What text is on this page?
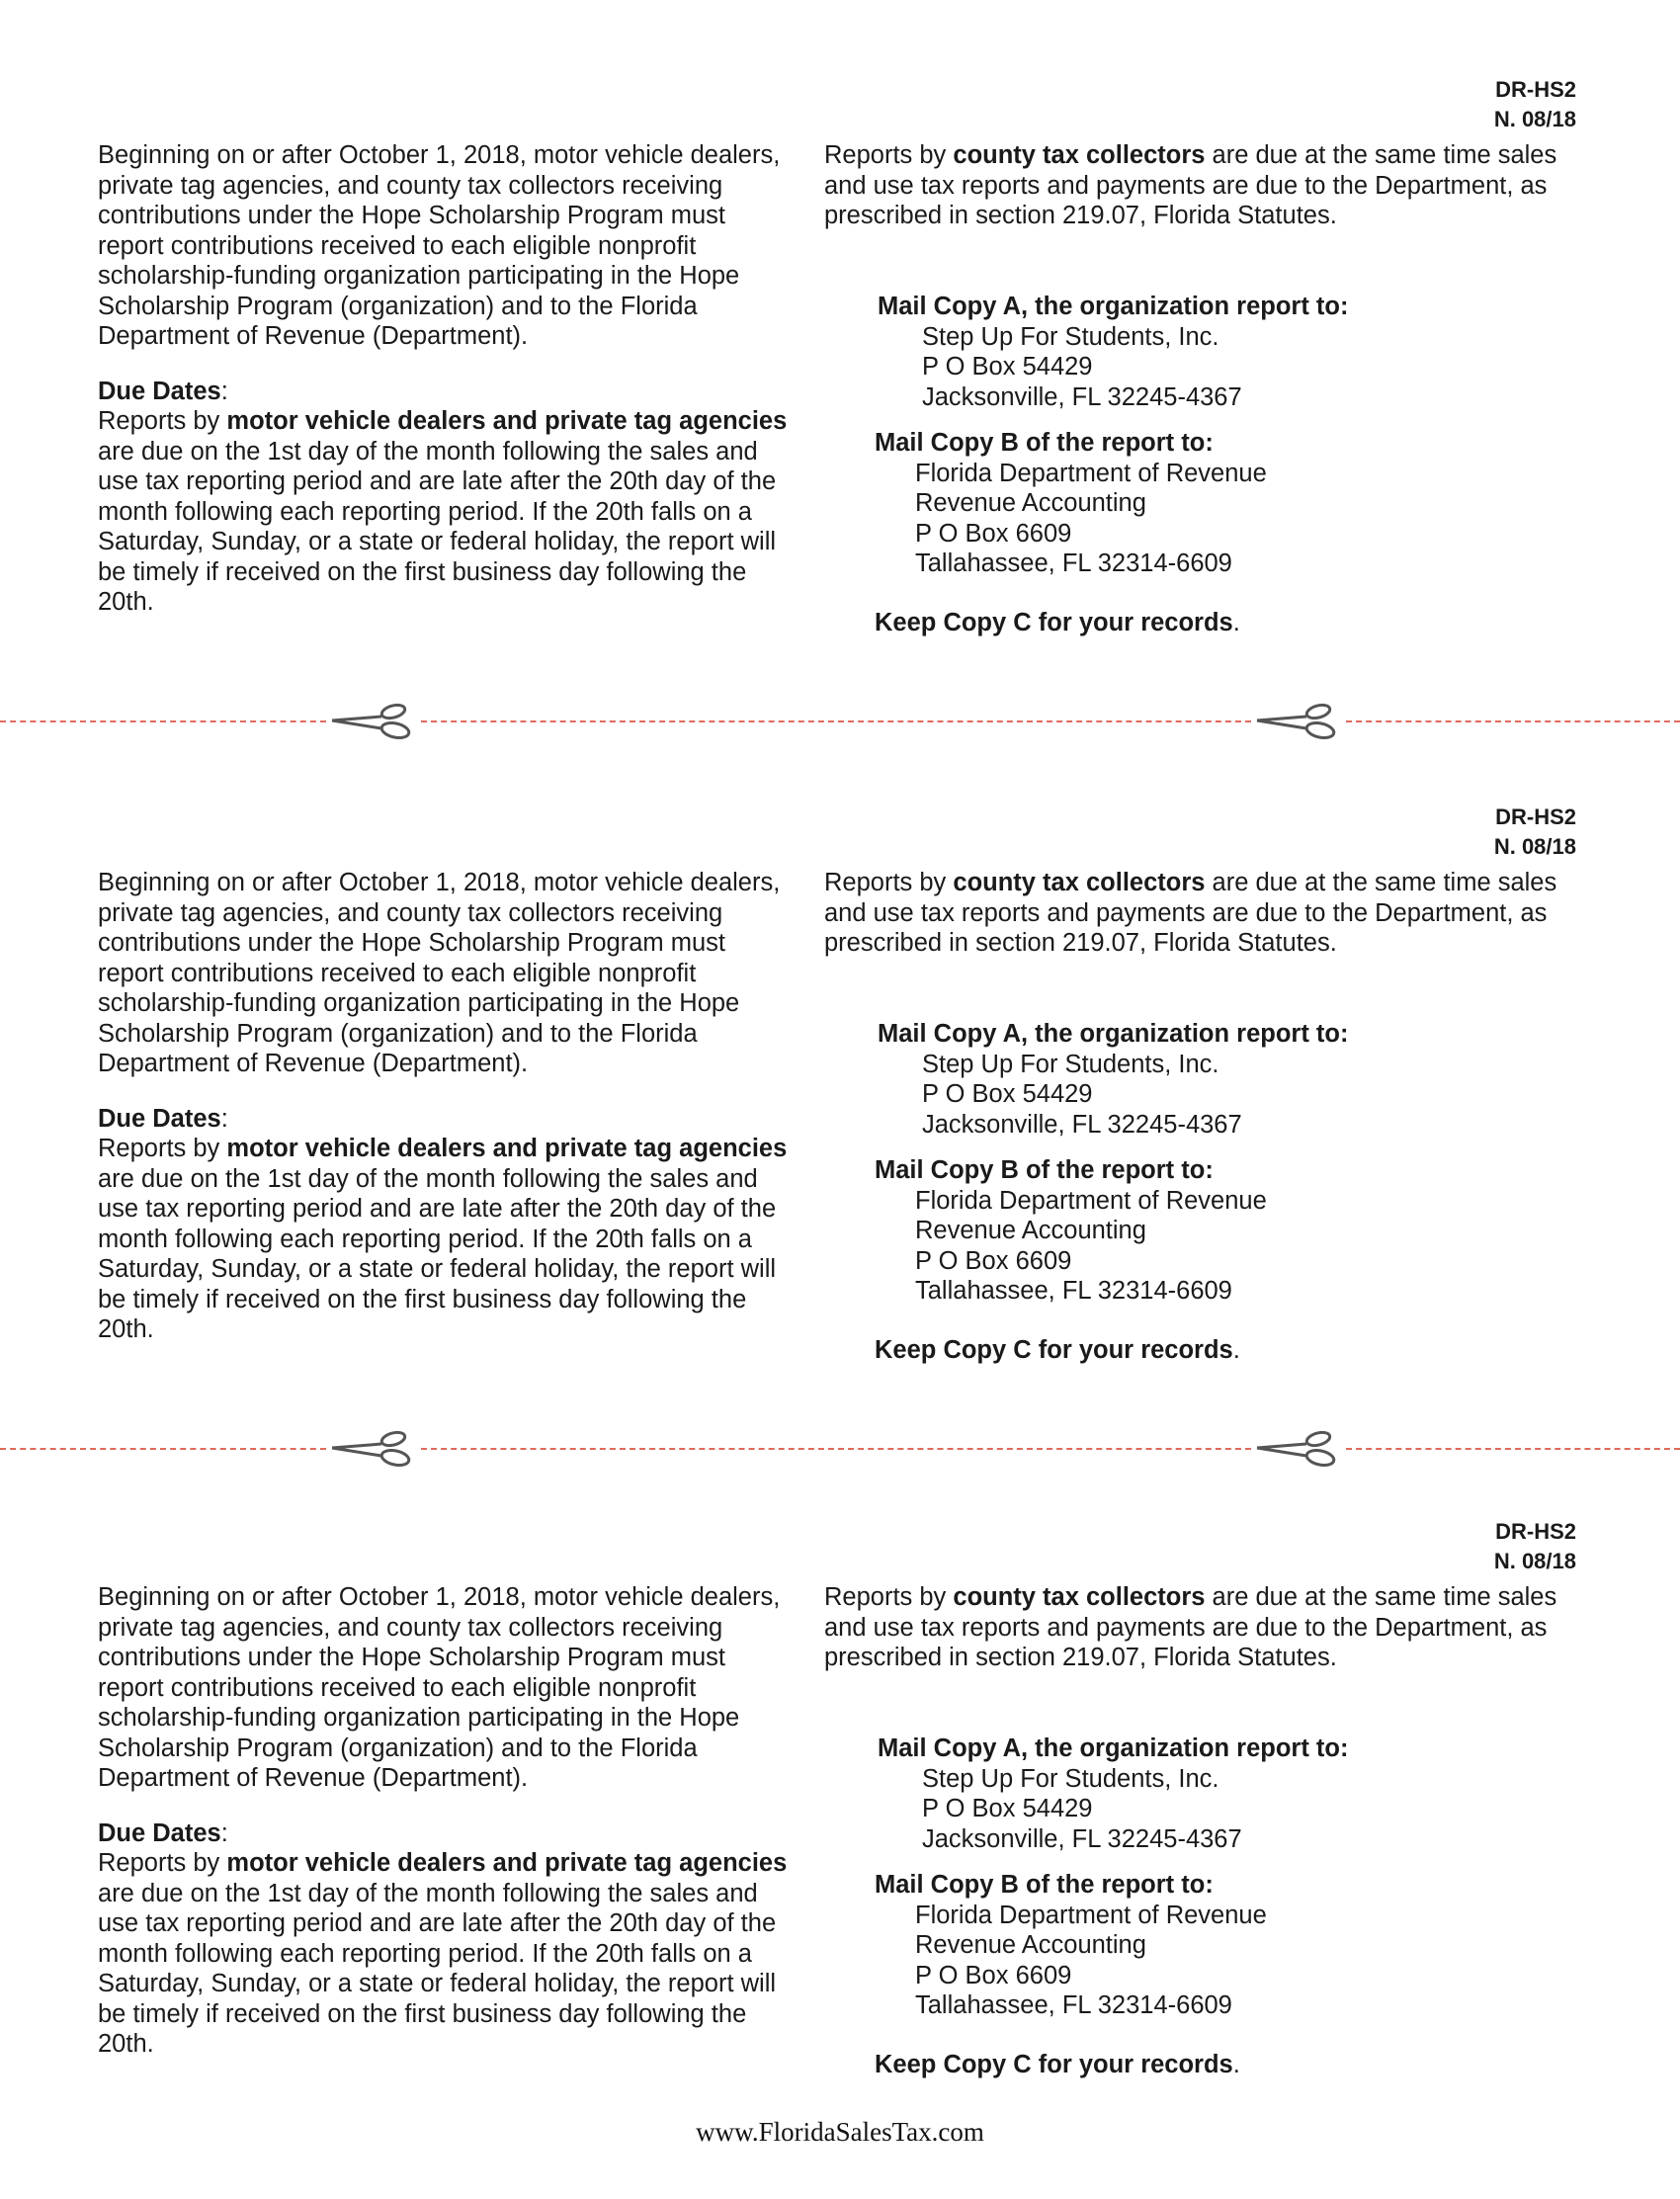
DR-HS2
N. 08/18

Beginning on or after October 1, 2018, motor vehicle dealers, private tag agencies, and county tax collectors receiving contributions under the Hope Scholarship Program must report contributions received to each eligible nonprofit scholarship-funding organization participating in the Hope Scholarship Program (organization) and to the Florida Department of Revenue (Department).

Due Dates:
Reports by motor vehicle dealers and private tag agencies are due on the 1st day of the month following the sales and use tax reporting period and are late after the 20th day of the month following each reporting period. If the 20th falls on a Saturday, Sunday, or a state or federal holiday, the report will be timely if received on the first business day following the 20th.

Reports by county tax collectors are due at the same time sales and use tax reports and payments are due to the Department, as prescribed in section 219.07, Florida Statutes.

Mail Copy A, the organization report to:
Step Up For Students, Inc.
P O Box 54429
Jacksonville, FL 32245-4367
Mail Copy B of the report to:
Florida Department of Revenue
Revenue Accounting
P O Box 6609
Tallahassee, FL 32314-6609
Keep Copy C for your records.
DR-HS2
N. 08/18

Beginning on or after October 1, 2018, motor vehicle dealers, private tag agencies, and county tax collectors receiving contributions under the Hope Scholarship Program must report contributions received to each eligible nonprofit scholarship-funding organization participating in the Hope Scholarship Program (organization) and to the Florida Department of Revenue (Department).

Due Dates:
Reports by motor vehicle dealers and private tag agencies are due on the 1st day of the month following the sales and use tax reporting period and are late after the 20th day of the month following each reporting period. If the 20th falls on a Saturday, Sunday, or a state or federal holiday, the report will be timely if received on the first business day following the 20th.

Reports by county tax collectors are due at the same time sales and use tax reports and payments are due to the Department, as prescribed in section 219.07, Florida Statutes.

Mail Copy A, the organization report to:
Step Up For Students, Inc.
P O Box 54429
Jacksonville, FL 32245-4367
Mail Copy B of the report to:
Florida Department of Revenue
Revenue Accounting
P O Box 6609
Tallahassee, FL 32314-6609
Keep Copy C for your records.
DR-HS2
N. 08/18

Beginning on or after October 1, 2018, motor vehicle dealers, private tag agencies, and county tax collectors receiving contributions under the Hope Scholarship Program must report contributions received to each eligible nonprofit scholarship-funding organization participating in the Hope Scholarship Program (organization) and to the Florida Department of Revenue (Department).

Due Dates:
Reports by motor vehicle dealers and private tag agencies are due on the 1st day of the month following the sales and use tax reporting period and are late after the 20th day of the month following each reporting period. If the 20th falls on a Saturday, Sunday, or a state or federal holiday, the report will be timely if received on the first business day following the 20th.

Reports by county tax collectors are due at the same time sales and use tax reports and payments are due to the Department, as prescribed in section 219.07, Florida Statutes.

Mail Copy A, the organization report to:
Step Up For Students, Inc.
P O Box 54429
Jacksonville, FL 32245-4367
Mail Copy B of the report to:
Florida Department of Revenue
Revenue Accounting
P O Box 6609
Tallahassee, FL 32314-6609
Keep Copy C for your records.
www.FloridaSalesTax.com
